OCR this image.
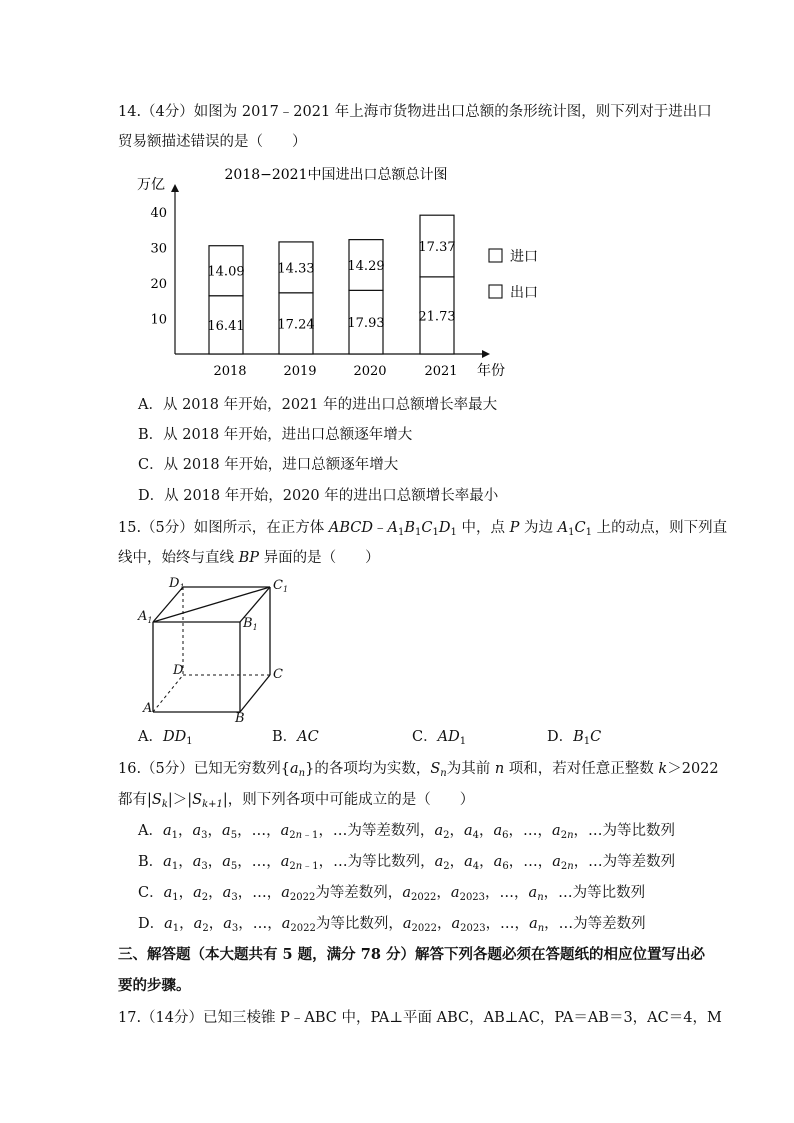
14.（4分）如图为 2017﹣2021 年上海市货物进出口总额的条形统计图，则下列对于进出口
贸易额描述错误的是（　　）
2018−2021中国进出口总额总计图
万亿
年份
10
20
30
40
16.41
14.09
2018
17.24
14.33
2019
17.93
14.29
2020
21.73
17.37
2021
进口
出口
A．从 2018 年开始，2021 年的进出口总额增长率最大
B．从 2018 年开始，进出口总额逐年增大
C．从 2018 年开始，进口总额逐年增大
D．从 2018 年开始，2020 年的进出口总额增长率最小
15.（5分）如图所示，在正方体 $ABCD﹣A_1B_1C_1D_1$ 中，点 P 为边 $A_1C_1$ 上的动点，则下列直
线中，始终与直线 BP 异面的是（　　）
$D_1$	$C_1$
$A_1$	$B_1$
D	C
A
B
A．$DD_1$	B．AC	C．$AD_1$	D．$B_1C$
16.（5分）已知无穷数列$\{a_n\}$的各项均为实数，$S_n$为其前 n 项和，若对任意正整数 k＞2022
都有$|S_k|>|S_{k+1}|$，则下列各项中可能成立的是（　　）
A．$a_1$，$a_3$，$a_5$，…，$a_{2n﹣1}$，…为等差数列，$a_2$，$a_4$，$a_6$，…，$a_{2n}$，…为等比数列
B．$a_1$，$a_3$，$a_5$，…，$a_{2n﹣1}$，…为等比数列，$a_2$，$a_4$，$a_6$，…，$a_{2n}$，…为等差数列
C．$a_1$，$a_2$，$a_3$，…，$a_{2022}$为等差数列，$a_{2022}$，$a_{2023}$，…，$a_n$，…为等比数列
D．$a_1$，$a_2$，$a_3$，…，$a_{2022}$为等比数列，$a_{2022}$，$a_{2023}$，…，$a_n$，…为等差数列
三、解答题（本大题共有 5 题，满分 78 分）解答下列各题必须在答题纸的相应位置写出必
要的步骤。
17.（14分）已知三棱锥 P﹣ABC 中，PA⊥平面 ABC，AB⊥AC，PA＝AB＝3，AC＝4，M
